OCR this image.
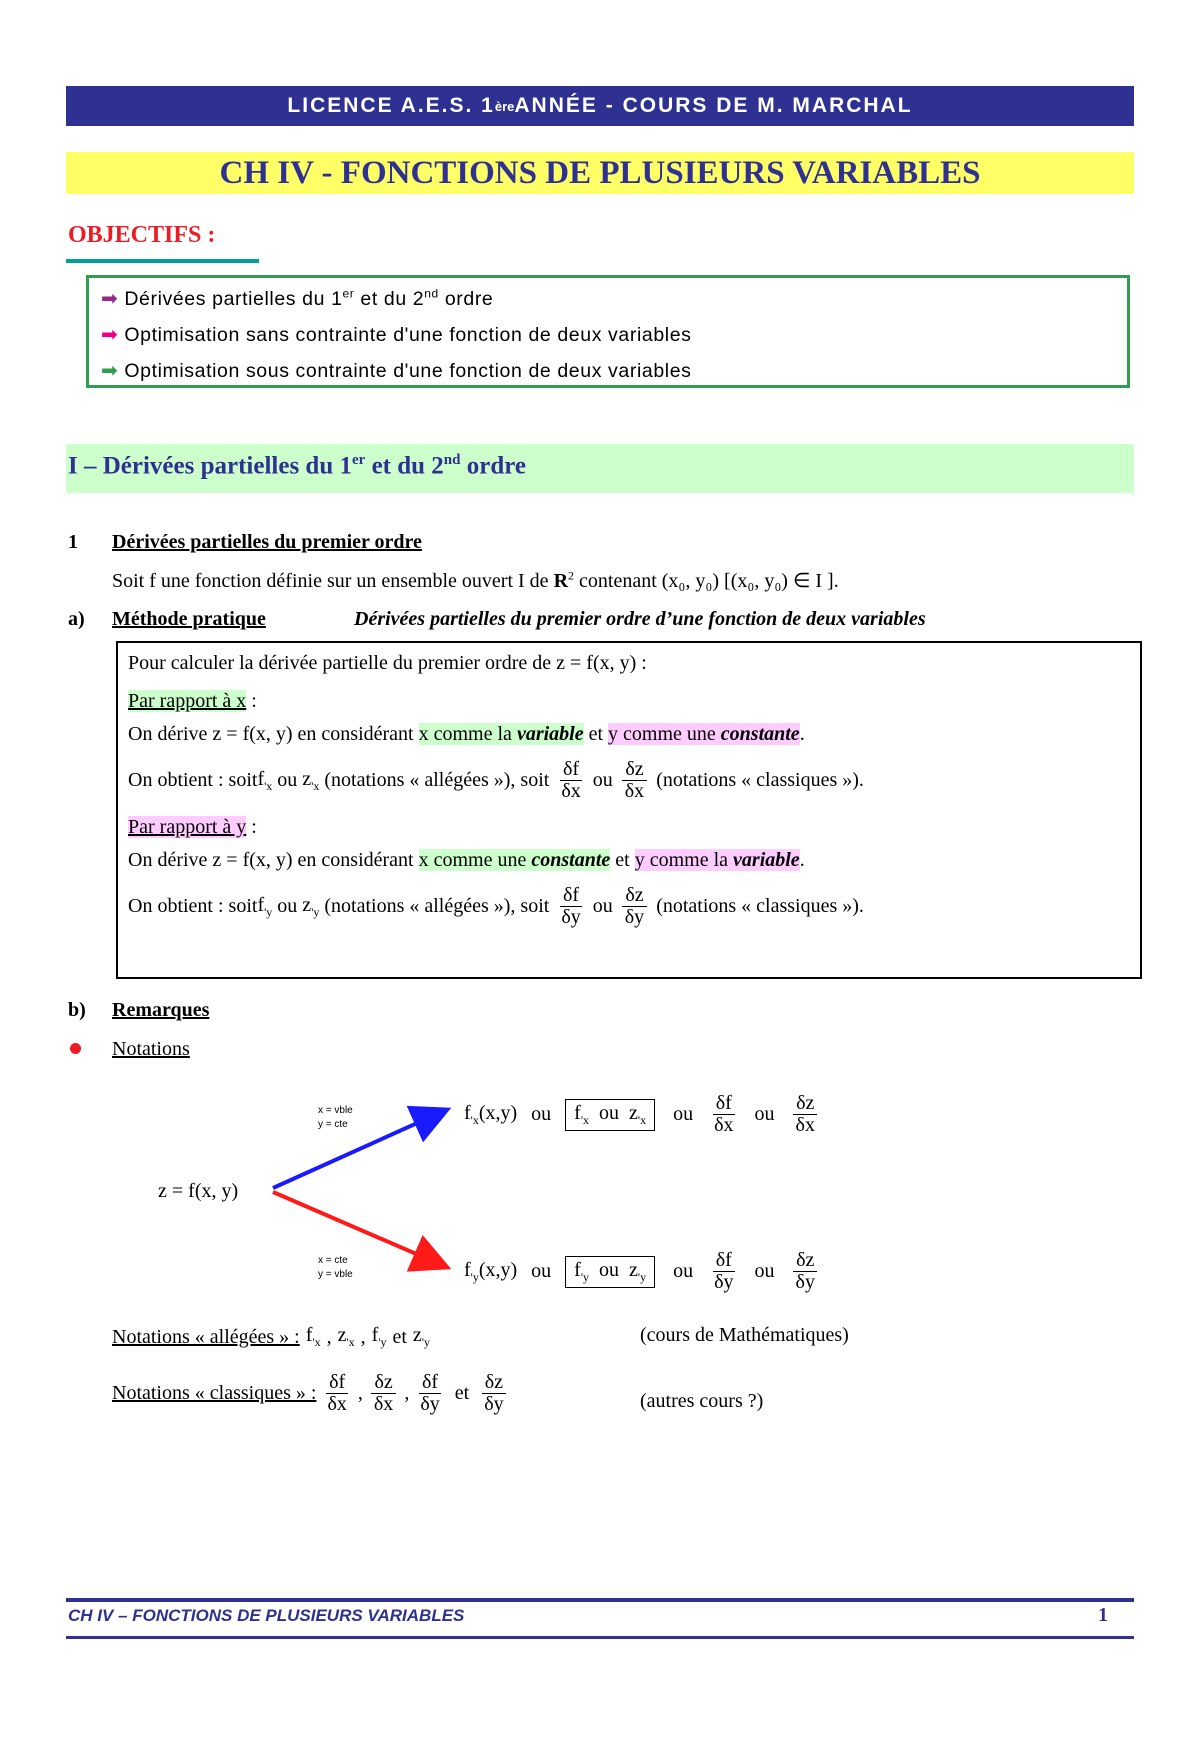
LICENCE A.E.S. 1 ère ANNÉE - COURS DE M. MARCHAL
CH IV - FONCTIONS DE PLUSIEURS VARIABLES
OBJECTIFS :
➡ Dérivées partielles du 1er et du 2nd ordre
➡ Optimisation sans contrainte d'une fonction de deux variables
➡ Optimisation sous contrainte d'une fonction de deux variables
I – Dérivées partielles du 1er et du 2nd ordre
1 Dérivées partielles du premier ordre
Soit f une fonction définie sur un ensemble ouvert I de $R^2$ contenant (x₀, y₀) [(x₀, y₀) ∈ I ].
a) Méthode pratique	Dérivées partielles du premier ordre d’une fonction de deux variables
Pour calculer la dérivée partielle du premier ordre de z = f(x, y) :
Par rapport à x :
On dérive z = f(x, y) en considérant x comme la variable et y comme une constante.
On obtient : soit $f_{'x}$ ou $z_{'x}$ (notations « allégées »), soit $\frac{\delta f}{\delta x}$ ou $\frac{\delta z}{\delta x}$ (notations « classiques »).
Par rapport à y :
On dérive z = f(x, y) en considérant x comme une constante et y comme la variable.
On obtient : soit $f_{'y}$ ou $z_{'y}$ (notations « allégées »), soit $\frac{\delta f}{\delta y}$ ou $\frac{\delta z}{\delta y}$ (notations « classiques »).
b) Remarques
Notations
z = f(x, y)
x = vble
y = cte
x = cte
y = vble
$f_{'x}(x,y)$ ou	$f_{'x}$ ou $z_{'x}$	ou $\frac{\delta f}{\delta x}$ ou $\frac{\delta z}{\delta x}$
$f_{'y}(x,y)$ ou	$f_{'y}$ ou $z_{'y}$	ou $\frac{\delta f}{\delta y}$ ou $\frac{\delta z}{\delta y}$
Notations « allégées » : $f_{'x}$ , $z_{'x}$ , $f_{'y}$ et $z_{'y}$	(cours de Mathématiques)
Notations « classiques » : $\frac{\delta f}{\delta x}$ , $\frac{\delta z}{\delta x}$ , $\frac{\delta f}{\delta y}$ et $\frac{\delta z}{\delta y}$	(autres cours ?)
CH IV – FONCTIONS DE PLUSIEURS VARIABLES	1
